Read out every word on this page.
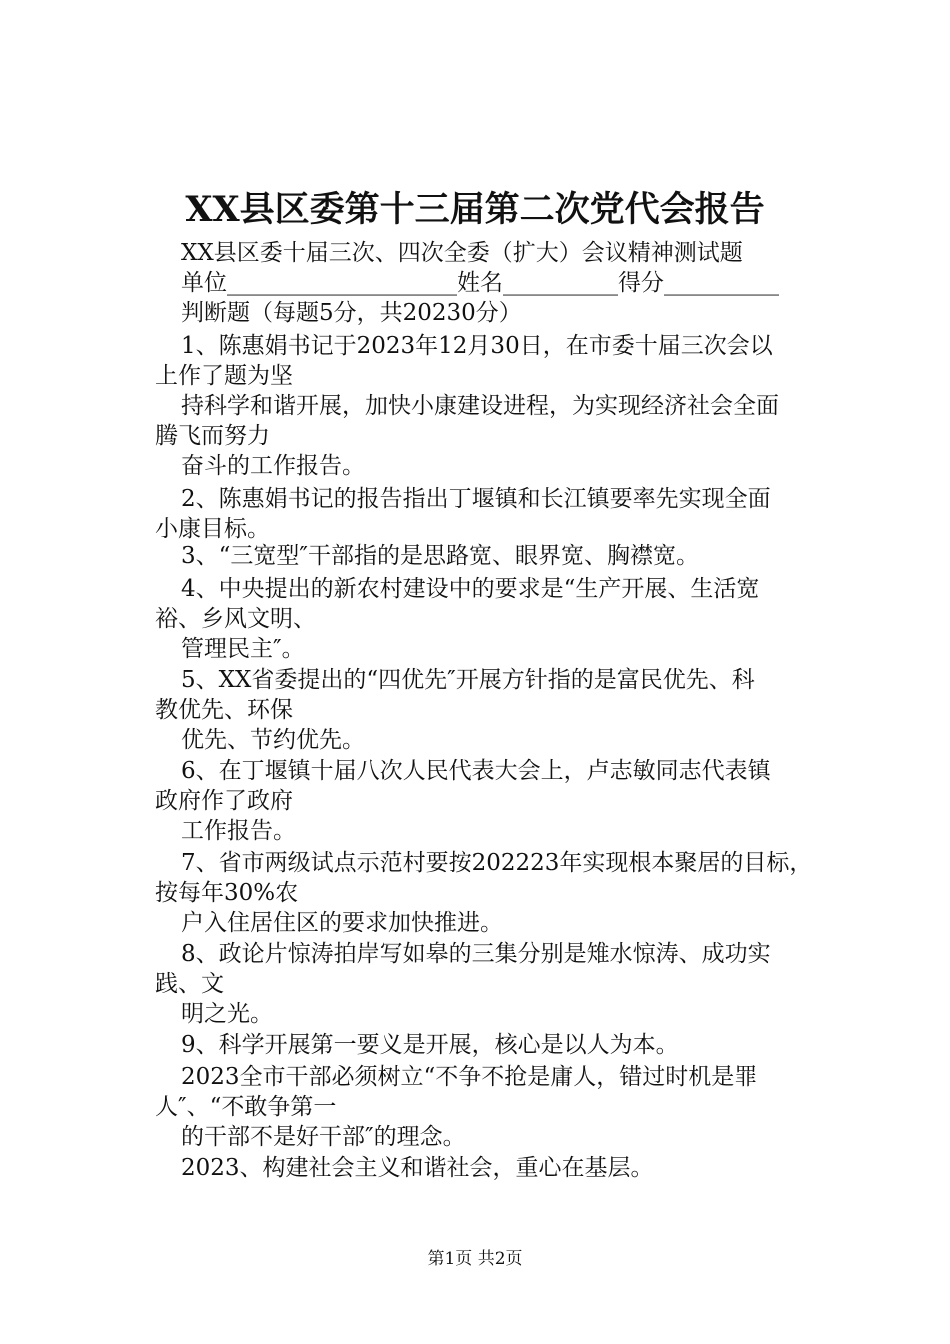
XX县区委第十三届第二次党代会报告
XX县区委十届三次、四次全委（扩大）会议精神测试题
单位____________________姓名__________得分__________
判断题（每题5分，共20230分）
1、陈惠娟书记于2023年12月30日，在市委十届三次会以
上作了题为坚
持科学和谐开展，加快小康建设进程，为实现经济社会全面
腾飞而努力
奋斗的工作报告。
2、陈惠娟书记的报告指出丁堰镇和长江镇要率先实现全面
小康目标。
3、“三宽型″干部指的是思路宽、眼界宽、胸襟宽。
4、中央提出的新农村建设中的要求是“生产开展、生活宽
裕、乡风文明、
管理民主″。
5、XX省委提出的“四优先″开展方针指的是富民优先、科
教优先、环保
优先、节约优先。
6、在丁堰镇十届八次人民代表大会上，卢志敏同志代表镇
政府作了政府
工作报告。
7、省市两级试点示范村要按202223年实现根本聚居的目标，
按每年30%农
户入住居住区的要求加快推进。
8、政论片惊涛拍岸写如皋的三集分别是雉水惊涛、成功实
践、文
明之光。
9、科学开展第一要义是开展，核心是以人为本。
2023全市干部必须树立“不争不抢是庸人，错过时机是罪
人″、“不敢争第一
的干部不是好干部″的理念。
2023、构建社会主义和谐社会，重心在基层。
第1页 共2页
